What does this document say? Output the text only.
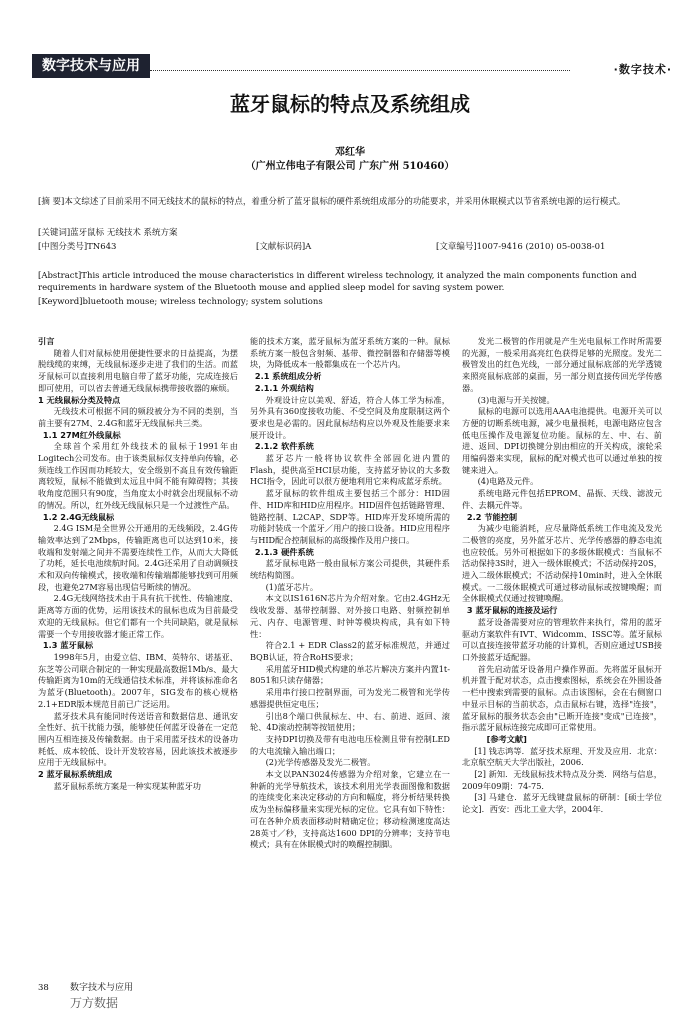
数字技术与应用	·数字技术·
蓝牙鼠标的特点及系统组成
邓红华
（广州立伟电子有限公司 广东广州 510460）
[摘 要]本文综述了目前采用不同无线技术的鼠标的特点，着重分析了蓝牙鼠标的硬件系统组成部分的功能要求，并采用休眠模式以节省系统电源的运行模式。
[关键词]蓝牙鼠标 无线技术 系统方案
[中图分类号]TN643	[文献标识码]A	[文章编号]1007-9416 (2010) 05-0038-01
[Abstract]This article introduced the mouse characteristics in different wireless technology, it analyzed the main components function and requirements in hardware system of the Bluetooth mouse and applied sleep model for saving system power.
[Keyword]bluetooth mouse; wireless technology; system solutions

引言

随着人们对鼠标使用便捷性要求的日益提高，为摆脱线缆的束缚，无线鼠标逐步走进了我们的生活。而蓝牙鼠标可以直接利用电脑自带了蓝牙功能，完成连接后即可使用，可以省去普通无线鼠标携带接收器的麻烦。

1 无线鼠标分类及特点

无线技术可根据不同的频段被分为不同的类别，当前主要有27M、2.4G和蓝牙无线鼠标共三类。

1.1 27M红外线鼠标

全球首个采用红外线技术的鼠标于1991年由Logitech公司发布。由于该类鼠标仅支持单向传输，必须连线工作因而功耗较大，安全级别不高且有效传输距离较短，鼠标不能做到太远且中间不能有障碍物；其接收角度范围只有90度，当角度太小时就会出现鼠标不动的情况。所以，红外线无线鼠标只是一个过渡性产品。

1.2 2.4G无线鼠标

2.4G ISM是全世界公开通用的无线频段，2.4G传输效率达到了2Mbps，传输距离也可以达到10米，接收端和发射端之间并不需要连续性工作，从而大大降低了功耗，延长电池续航时间。2.4G还采用了自动调频技术和双向传输模式，接收端和传输端都能够找到可用频段，也避免27M容易出现信号断续的情况。

2.4G无线网络技术由于具有抗干扰性、传输速度、距离等方面的优势，运用该技术的鼠标也成为目前最受欢迎的无线鼠标。但它们都有一个共同缺陷，就是鼠标需要一个专用接收器才能正常工作。

1.3 蓝牙鼠标

1998年5月，由爱立信、IBM、英特尔、诺基亚、东芝等公司联合制定的一种实现最高数据1Mb/s、最大传输距离为10m的无线通信技术标准，并将该标准命名为蓝牙(Bluetooth)。2007年，SIG发布的核心规格2.1+EDR版本规范目前已广泛运用。

蓝牙技术具有能同时传送语音和数据信息、通讯安全性好、抗干扰能力强，能够使任何蓝牙设备在一定范围内互相连接及传输数据。由于采用蓝牙技术的设备功耗低、成本较低、设计开发较容易，因此该技术被逐步应用于无线鼠标中。

2 蓝牙鼠标系统组成

蓝牙鼠标系统方案是一种实现某种蓝牙功

能的技术方案，蓝牙鼠标为蓝牙系统方案的一种。鼠标系统方案一般包含射频、基带、微控制器和存储器等模块，为降低成本一般都集成在一个芯片内。

2.1 系统组成分析

2.1.1 外观结构

外观设计应以美观、舒适，符合人体工学为标准，另外具有360度接收功能、不受空间及角度限制这两个要求也是必需的。因此鼠标结构应以外观及性能要求来展开设计。

2.1.2 软件系统

蓝牙芯片一般将协议软件全部固化进内置的Flash，提供高至HCI层功能，支持蓝牙协议的大多数HCI指令，因此可以很方便地利用它来构成蓝牙系统。

蓝牙鼠标的软件组成主要包括三个部分：HID固件、HID库和HID应用程序。HID固件包括链路管理、链路控制、L2CAP、SDP等。HID库开发环境所需的功能封装成一个蓝牙／用户的接口设备。HID应用程序与HID配合控制鼠标的高级操作及用户接口。

2.1.3 硬件系统

蓝牙鼠标电路一般由鼠标方案公司提供，其硬件系统结构简图。

(1)蓝牙芯片。

本文以IS1616N芯片为介绍对象。它由2.4GHz无线收发器、基带控制器、对外接口电路、射频控制单元、内存、电源管理、时钟等模块构成，具有如下特性：

符合2.1 + EDR Class2的蓝牙标准规范，并通过BQB认证，符合RoHS要求；

采用蓝牙HID模式构建的单芯片解决方案并内置1t- 8051和只读存储器；

采用串行接口控制界面，可为发光二极管和光学传感器提供恒定电压；

引出8个端口供鼠标左、中、右、前进、返回、滚轮、4D滚动控制等按钮使用；

支持DPI切换及带有电池电压检测且带有控制LED的大电流输入输出端口；

(2)光学传感器及发光二极管。

本文以PAN3024传感器为介绍对象，它建立在一种新的光学导航技术，该技术利用光学表面图像和数据的连续变化来决定移动的方向和幅度，将分析结果转换成为坐标偏移量来实现光标的定位。它具有如下特性：可在各种介质表面移动时精确定位；移动检测速度高达28英寸／秒，支持高达1600 DPI的分辨率；支持节电模式；具有在休眠模式时的唤醒控制脚。

发光二极管的作用就是产生光电鼠标工作时所需要的光源，一般采用高亮红色获得足够的光照度。发光二极管发出的红色光线，一部分通过鼠标底部的光学透镜来照亮鼠标底部的桌面，另一部分则直接传回光学传感器。

(3)电源与开关按键。

鼠标的电源可以选用AAA电池提供。电源开关可以方便的切断系统电源，减少电量损耗，电源电路应包含低电压操作及电源复位功能。鼠标的左、中、右、前进、返回、DPI切换键分别由相应的开关构成，滚轮采用编码器来实现，鼠标的配对模式也可以通过单独的按键来进入。

(4)电路及元件。

系统电路元件包括EPROM、晶振、天线、滤波元件、去耦元件等。

2.2 节能控制

为减少电能消耗，应尽量降低系统工作电流及发光二极管的亮度，另外蓝牙芯片、光学传感器的静态电流也应较低。另外可根据如下的多级休眠模式：当鼠标不活动保持3S时，进入一级休眠模式；不活动保持20S，进入二级休眠模式；不活动保持10min时，进入全休眠模式。一二级休眠模式可通过移动鼠标或按键唤醒；而全休眠模式仅通过按键唤醒。

3 蓝牙鼠标的连接及运行

蓝牙设备需要对应的管理软件来执行，常用的蓝牙驱动方案软件有IVT、Widcomm、ISSC等。蓝牙鼠标可以直接连接带蓝牙功能的计算机，否则应通过USB接口外接蓝牙适配器。

首先启动蓝牙设备用户操作界面。先将蓝牙鼠标开机并置于配对状态，点击搜索图标，系统会在外围设备一栏中搜索到需要的鼠标。点击该图标，会在右侧窗口中显示目标的当前状态，点击鼠标右键，选择"连接"，蓝牙鼠标的服务状态会由"已断开连接"变成"已连接"，指示蓝牙鼠标连接完成即可正常使用。

[参考文献]

[1] 钱志鸿等．蓝牙技术原理、开发及应用．北京：北京航空航天大学出版社，2006．

[2] 新知．无线鼠标技术特点及分类．网络与信息，2009年09期：74-75．

[3] 马建仓．蓝牙无线键盘鼠标的研制：[硕士学位论文]．西安：西北工业大学，2004年．

38 数字技术与应用
万方数据
